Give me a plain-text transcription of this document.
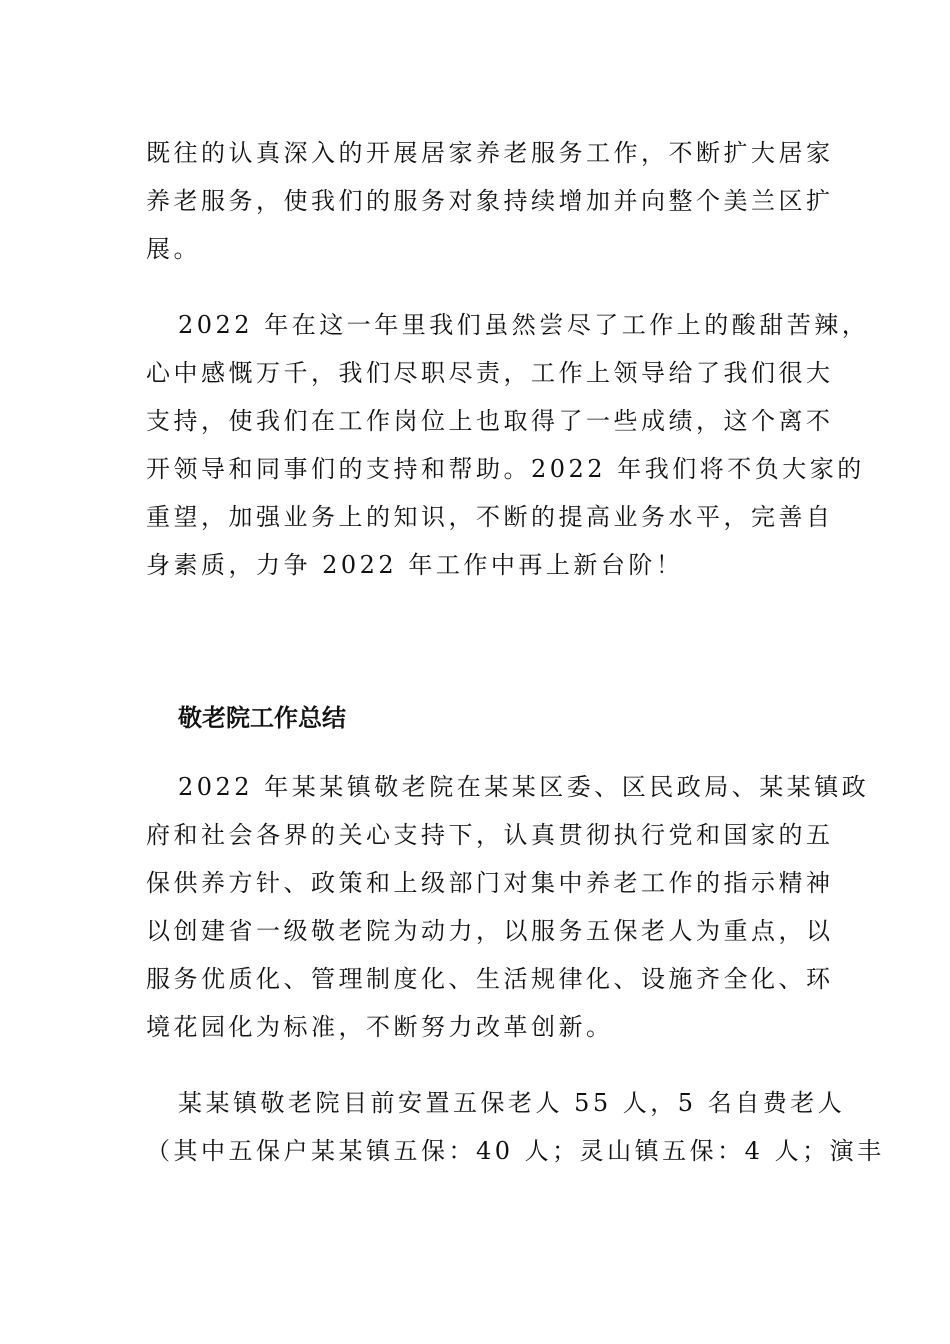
既往的认真深入的开展居家养老服务工作，不断扩大居家
养老服务，使我们的服务对象持续增加并向整个美兰区扩
展。
2022 年在这一年里我们虽然尝尽了工作上的酸甜苦辣，
心中感慨万千，我们尽职尽责，工作上领导给了我们很大
支持，使我们在工作岗位上也取得了一些成绩，这个离不
开领导和同事们的支持和帮助。2022 年我们将不负大家的
重望，加强业务上的知识，不断的提高业务水平，完善自
身素质，力争 2022 年工作中再上新台阶！
敬老院工作总结
2022 年某某镇敬老院在某某区委、区民政局、某某镇政
府和社会各界的关心支持下，认真贯彻执行党和国家的五
保供养方针、政策和上级部门对集中养老工作的指示精神
以创建省一级敬老院为动力，以服务五保老人为重点，以
服务优质化、管理制度化、生活规律化、设施齐全化、环
境花园化为标准，不断努力改革创新。
某某镇敬老院目前安置五保老人 55 人，5 名自费老人
（其中五保户某某镇五保：40 人；灵山镇五保：4 人；演丰
